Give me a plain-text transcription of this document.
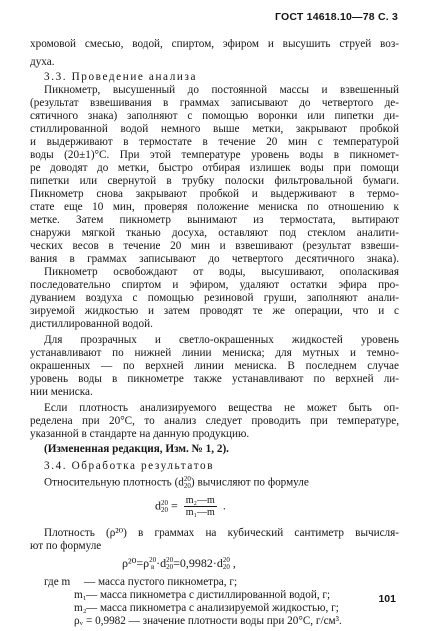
ГОСТ 14618.10—78 С. 3
хромовой смесью, водой, спиртом, эфиром и высушить струей воз-
духа.
3.3. Проведение анализа
Пикнометр, высушенный до постоянной массы и взвешенный
(результат взвешивания в граммах записывают до четвертого де-
сятичного знака) заполняют с помощью воронки или пипетки ди-
стиллированной водой немного выше метки, закрывают пробкой
и выдерживают в термостате в течение 20 мин с температурой
воды (20±1)°С. При этой температуре уровень воды в пикномет-
ре доводят до метки, быстро отбирая излишек воды при помощи
пипетки или свернутой в трубку полоски фильтровальной бумаги.
Пикнометр снова закрывают пробкой и выдерживают в термо-
стате еще 10 мин, проверяя положение мениска по отношению к
метке. Затем пикнометр вынимают из термостата, вытирают
снаружи мягкой тканью досуха, оставляют под стеклом аналити-
ческих весов в течение 20 мин и взвешивают (результат взвеши-
вания в граммах записывают до четвертого десятичного знака).
Пикнометр освобождают от воды, высушивают, ополаскивая
последовательно спиртом и эфиром, удаляют остатки эфира про-
дуванием воздуха с помощью резиновой груши, заполняют анали-
зируемой жидкостью и затем проводят те же операции, что и с
дистиллированной водой.
Для прозрачных и светло-окрашенных жидкостей уровень
устанавливают по нижней линии мениска; для мутных и темно-
окрашенных — по верхней линии мениска. В последнем случае
уровень воды в пикнометре также устанавливают по верхней ли-
нии мениска.
Если плотность анализируемого вещества не может быть оп-
ределена при 20°С, то анализ следует проводить при температуре,
указанной в стандарте на данную продукцию.
(Измененная редакция, Изм. № 1, 2).
3.4. Обработка результатов
Относительную плотность (d 20
20 ) вычисляют по формуле
d 20
$20 = \frac{\text{m₂—m}}{\text{m₁—m}}$ .
Плотность (ρ²⁰) в граммах на кубический сантиметр вычисля-
ют по формуле
ρ²⁰=ρ 20
в ·d 20
20 =0,9982·d 20
20 ,
где m — масса пустого пикнометра, г;
m₁— масса пикнометра с дистиллированной водой, г;
m₂— масса пикнометра с анализируемой жидкостью, г;
ρᵥ = 0,9982 — значение плотности воды при 20°С, г/см³.
101
